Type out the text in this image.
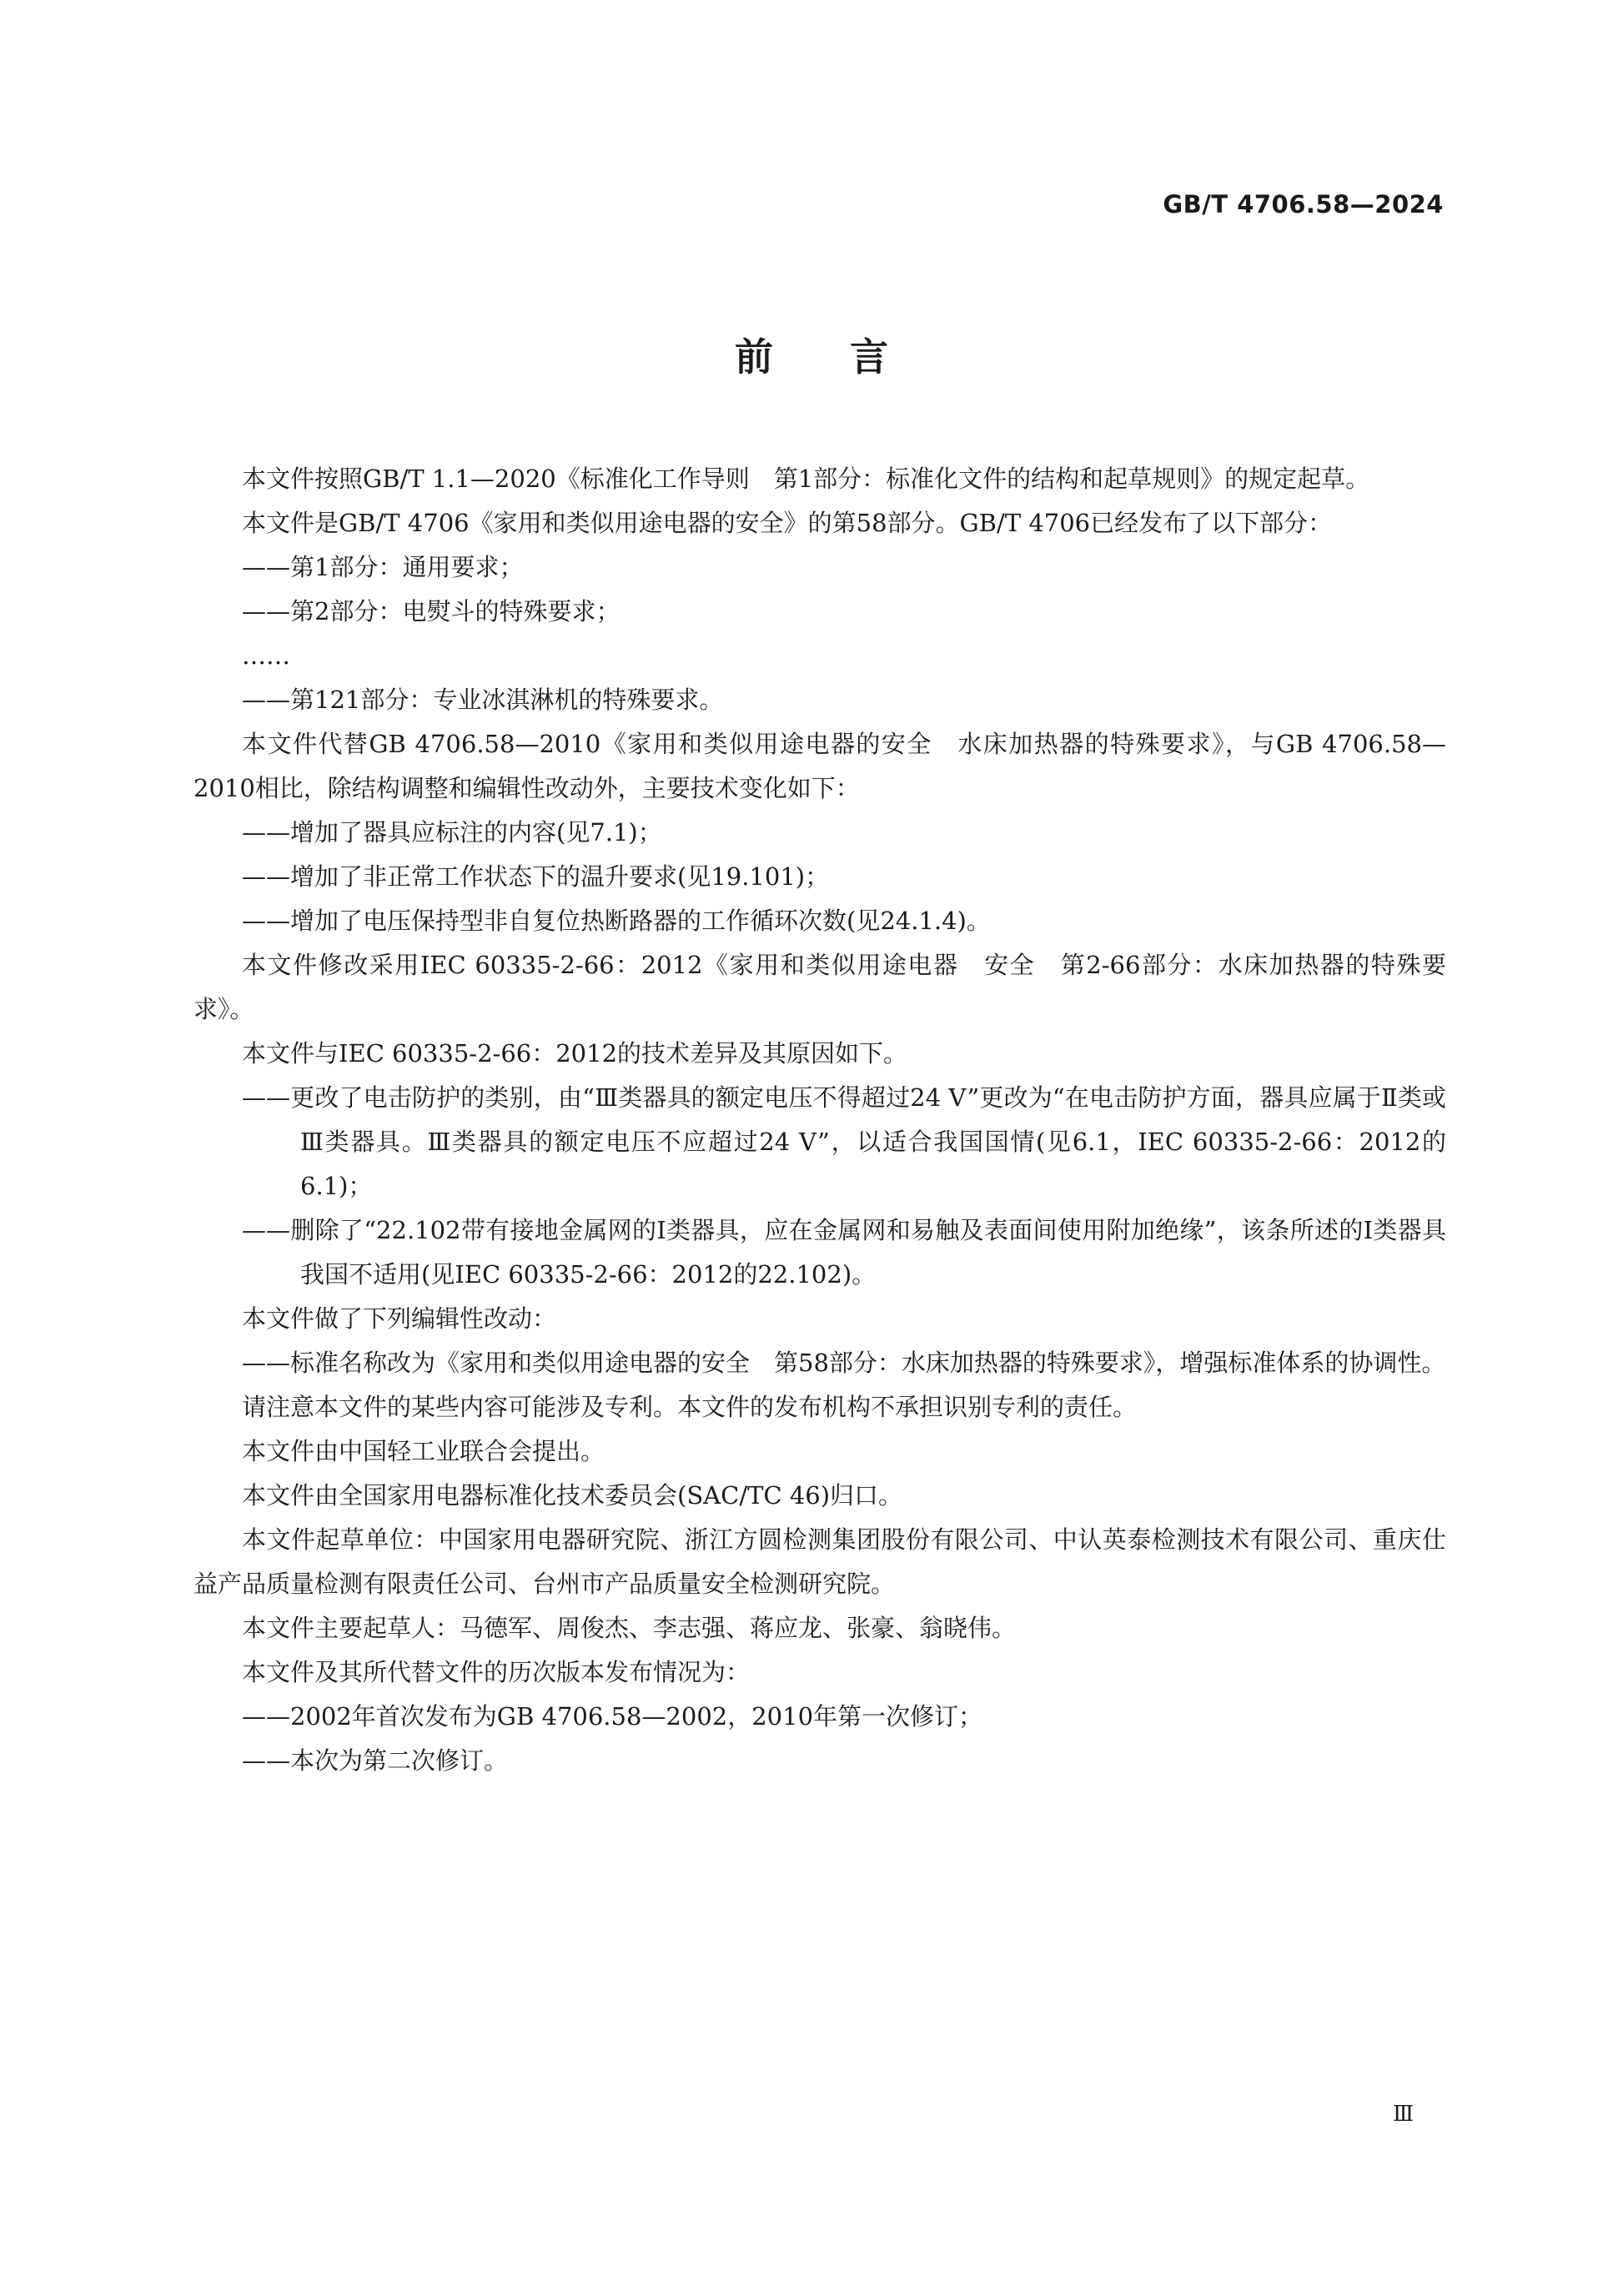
GB/T 4706.58—2024
前言

本文件按照GB/T 1.1—2020《标准化工作导则　第1部分：标准化文件的结构和起草规则》的规定起草。

本文件是GB/T 4706《家用和类似用途电器的安全》的第58部分。GB/T 4706已经发布了以下部分：

——第1部分：通用要求；

——第2部分：电熨斗的特殊要求；

……

——第121部分：专业冰淇淋机的特殊要求。

本文件代替GB 4706.58—2010《家用和类似用途电器的安全　水床加热器的特殊要求》，与GB 4706.58—2010相比，除结构调整和编辑性改动外，主要技术变化如下：

——增加了器具应标注的内容(见7.1)；

——增加了非正常工作状态下的温升要求(见19.101)；

——增加了电压保持型非自复位热断路器的工作循环次数(见24.1.4)。

本文件修改采用IEC 60335-2-66：2012《家用和类似用途电器　安全　第2-66部分：水床加热器的特殊要求》。

本文件与IEC 60335-2-66：2012的技术差异及其原因如下。

——更改了电击防护的类别，由“Ⅲ类器具的额定电压不得超过24 V”更改为“在电击防护方面，器具应属于Ⅱ类或Ⅲ类器具。Ⅲ类器具的额定电压不应超过24 V”，以适合我国国情(见6.1，IEC 60335-2-66：2012的6.1)；

——删除了“22.102带有接地金属网的Ⅰ类器具，应在金属网和易触及表面间使用附加绝缘”，该条所述的Ⅰ类器具我国不适用(见IEC 60335-2-66：2012的22.102)。

本文件做了下列编辑性改动：

——标准名称改为《家用和类似用途电器的安全　第58部分：水床加热器的特殊要求》，增强标准体系的协调性。

请注意本文件的某些内容可能涉及专利。本文件的发布机构不承担识别专利的责任。

本文件由中国轻工业联合会提出。

本文件由全国家用电器标准化技术委员会(SAC/TC 46)归口。

本文件起草单位：中国家用电器研究院、浙江方圆检测集团股份有限公司、中认英泰检测技术有限公司、重庆仕益产品质量检测有限责任公司、台州市产品质量安全检测研究院。

本文件主要起草人：马德军、周俊杰、李志强、蒋应龙、张豪、翁晓伟。

本文件及其所代替文件的历次版本发布情况为：

——2002年首次发布为GB 4706.58—2002，2010年第一次修订；

——本次为第二次修订。

Ⅲ
